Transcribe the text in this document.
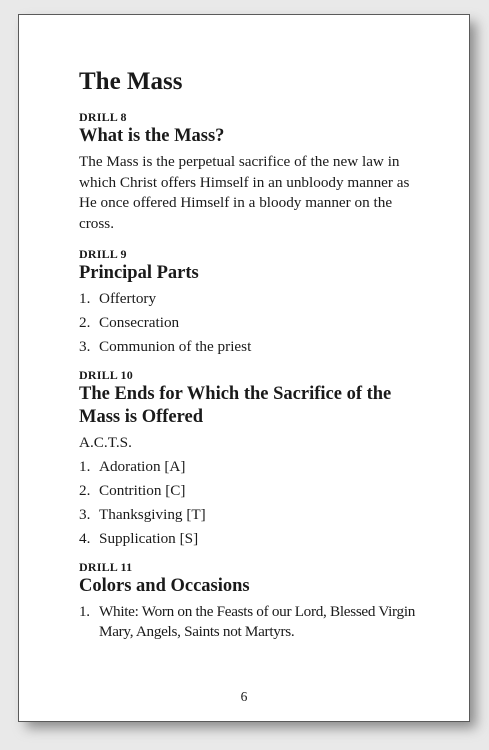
The Mass

DRILL 8

What is the Mass?

The Mass is the perpetual sacrifice of the new law in which Christ offers Himself in an unbloody manner as He once offered Himself in a bloody manner on the cross.

DRILL 9

Principal Parts

1. Offertory
2. Consecration
3. Communion of the priest

DRILL 10

The Ends for Which the Sacrifice of the Mass is Offered

A.C.T.S.

1. Adoration [A]
2. Contrition [C]
3. Thanksgiving [T]
4. Supplication [S]

DRILL 11

Colors and Occasions

1. White: Worn on the Feasts of our Lord, Blessed Virgin Mary, Angels, Saints not Martyrs.
6
